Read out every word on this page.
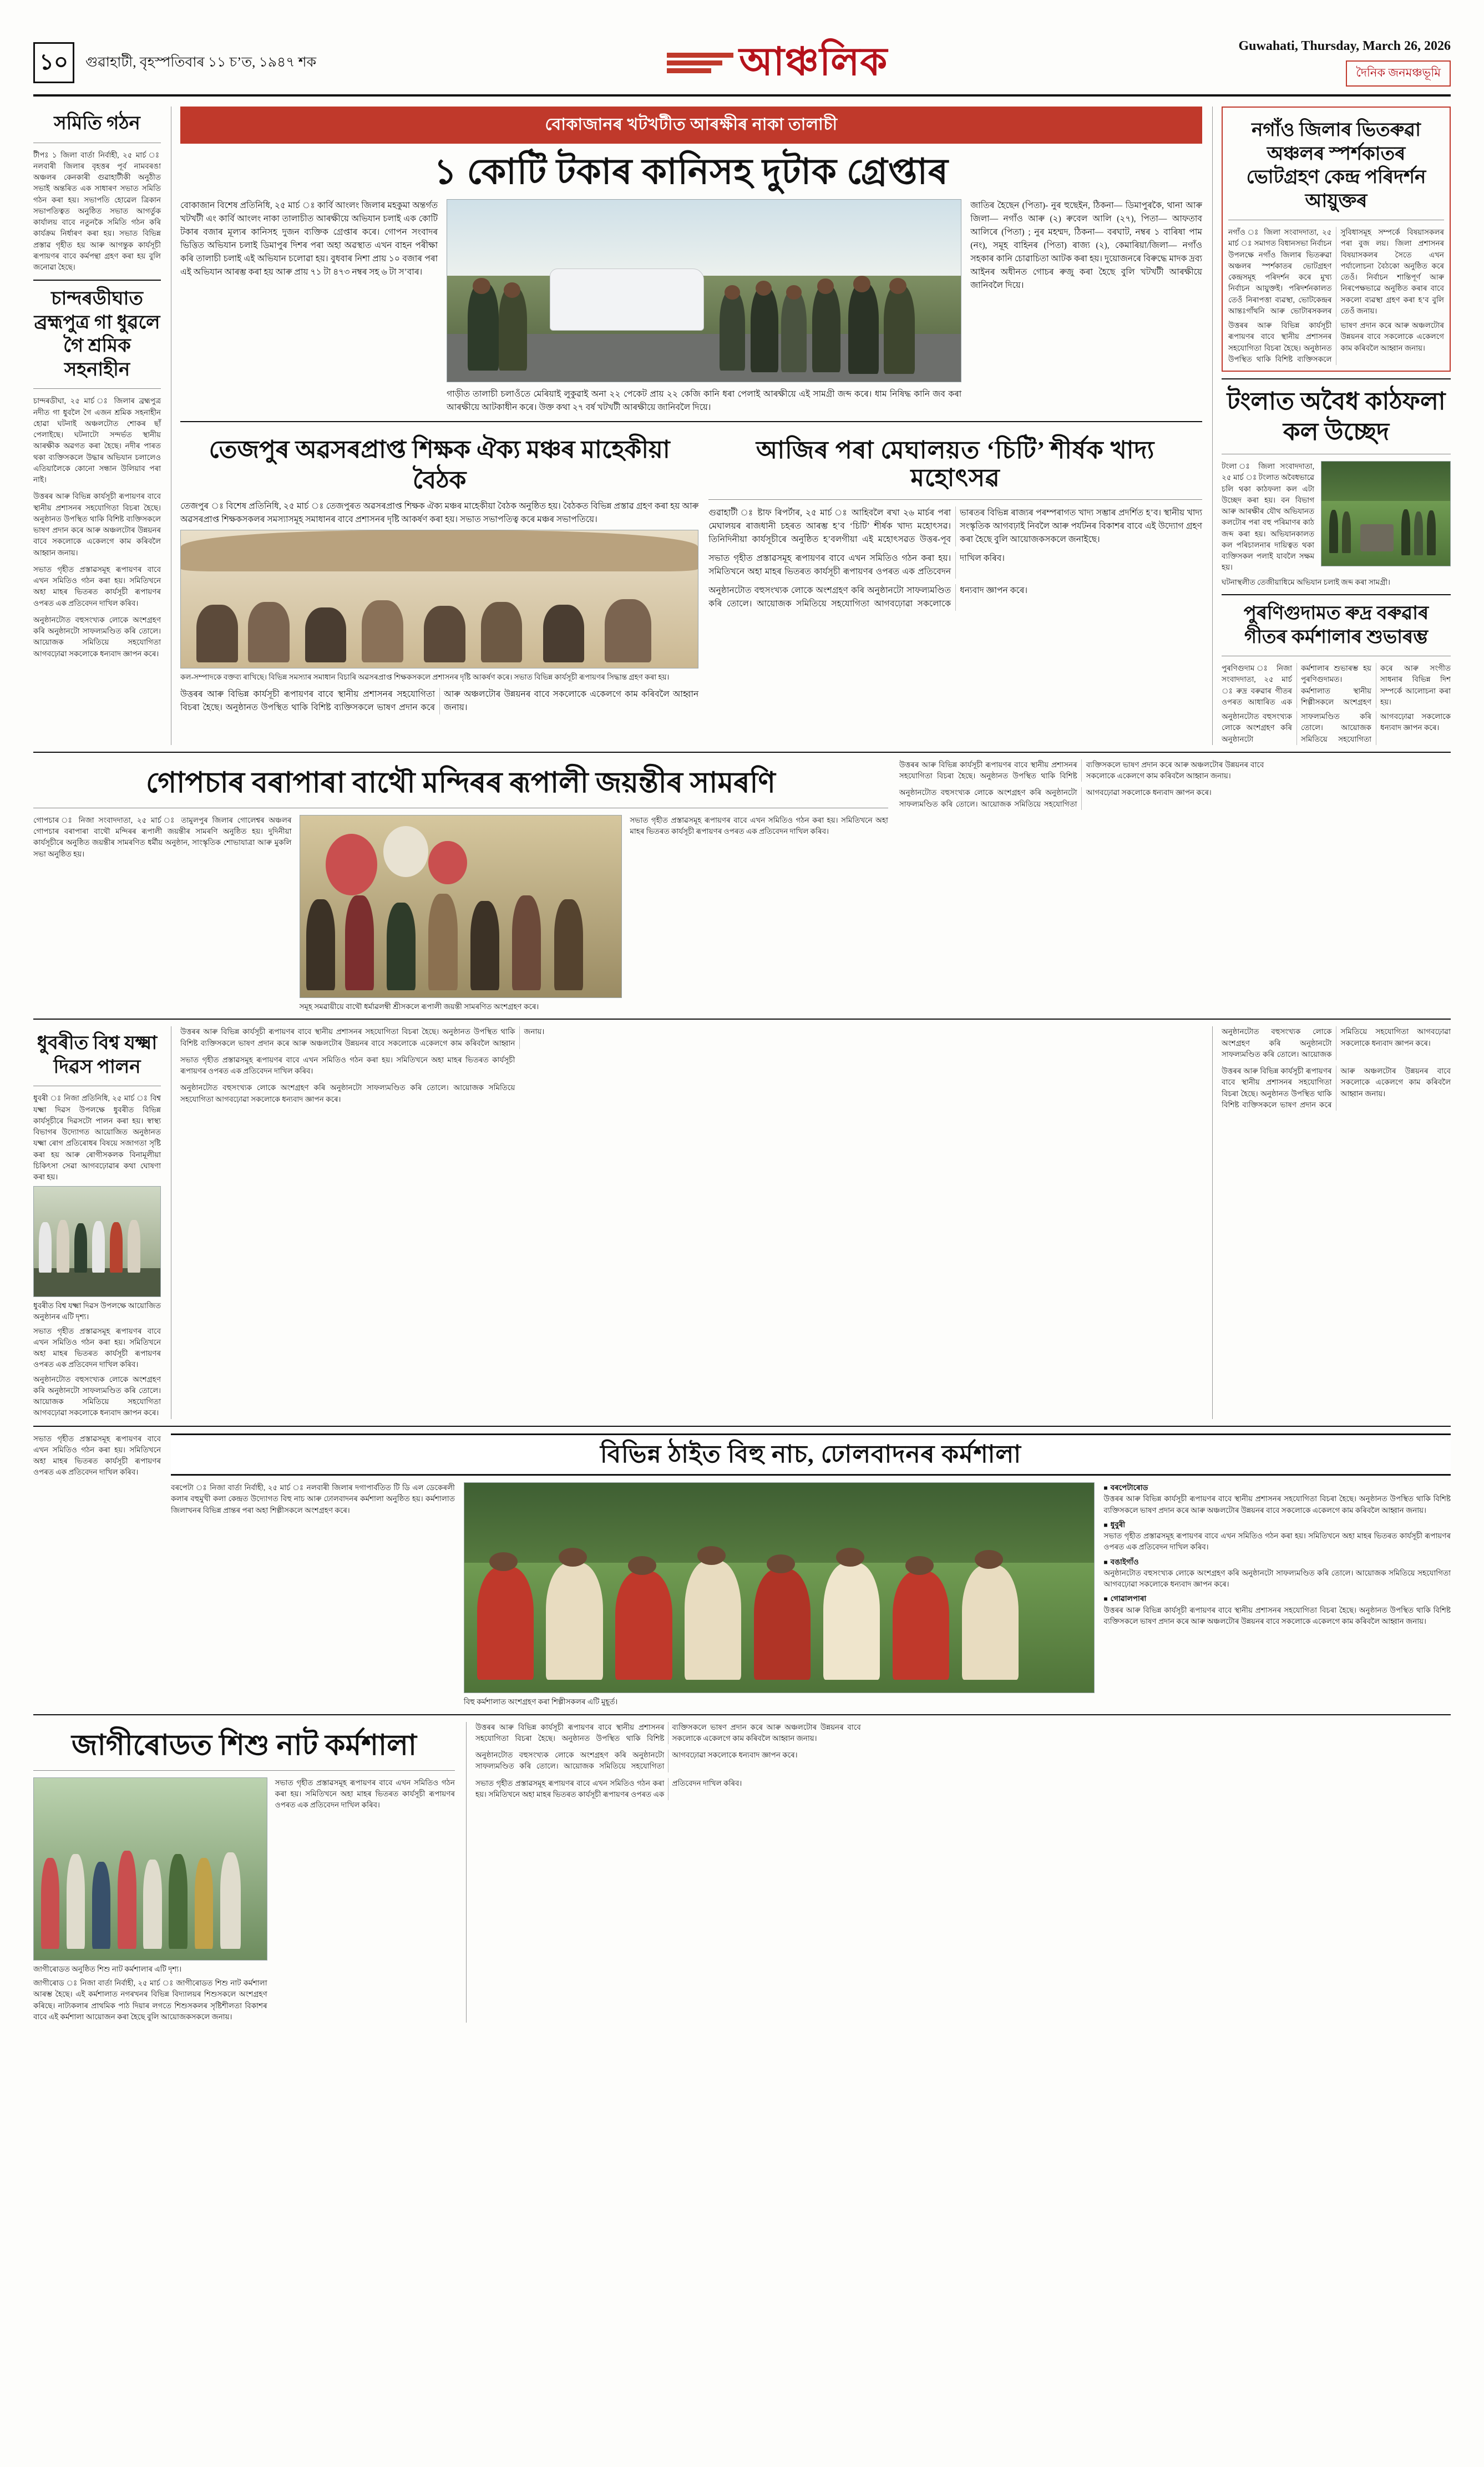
১০	গুৱাহাটী, বৃহস্পতিবাৰ ১১ চ’ত, ১৯৪৭ শক	আঞ্চলিক	Guwahati, Thursday, March 26, 2026
দৈনিক জনমঞ্চভূমি
সমিতি গঠন
টীপঃ ১ জিলা বাৰ্তা নিৰ্বাহী, ২৫ মাৰ্চ ঃ নলবাৰী জিলাৰ বৃহত্তৰ পূৰ্ব নামবৰঙা অঞ্চলৰ কেনকাৰী গুৱাহাটীকী অনুঠীত সভাই অন্তৰিত এক সাধাৰণ সভাত সমিতি গঠন কৰা হয়। সভাপতি হোৱেল ত্ৰিকান সভাপতিত্বত অনুষ্ঠিত সভাত আগৰ্তুক কাৰ্যালয় বাবে নতুনকৈ সমিতি গঠন কৰি কাৰ্যক্ৰম নিৰ্ধাৰণ কৰা হয়। সভাত বিভিন্ন প্ৰস্তাৱ গৃহীত হয় আৰু আগন্তুক কাৰ্যসূচী ৰূপায়ণৰ বাবে কৰ্মপন্থা গ্ৰহণ কৰা হয় বুলি জনোৱা হৈছে।
চান্দৰডীঘাত ব্ৰহ্মপুত্ৰ গা ধুৱলে গৈ শ্ৰমিক সহনাহীন
চান্দৰডীঘা, ২৫ মাৰ্চ ঃ জিলাৰ ব্ৰহ্মপুত্ৰ নদীত গা ধুবলৈ গৈ এজন শ্ৰমিক সহনাহীন হোৱা ঘটনাই অঞ্চলটোত শোকৰ ছাঁ পেলাইছে। ঘটনাটো সন্দৰ্ভত স্থানীয় আৰক্ষীক অৱগত কৰা হৈছে। নদীৰ পাৰত থকা ব্যক্তিসকলে উদ্ধাৰ অভিযান চলালেও এতিয়ালৈকে কোনো সন্ধান উলিয়াব পৰা নাই।
উত্তৰৰ আৰু বিভিন্ন কাৰ্যসূচী ৰূপায়ণৰ বাবে স্থানীয় প্ৰশাসনৰ সহযোগিতা বিচৰা হৈছে। অনুষ্ঠানত উপস্থিত থাকি বিশিষ্ট ব্যক্তিসকলে ভাষণ প্ৰদান কৰে আৰু অঞ্চলটোৰ উন্নয়নৰ বাবে সকলোকে একেলগে কাম কৰিবলৈ আহ্বান জনায়।
সভাত গৃহীত প্ৰস্তাৱসমূহ ৰূপায়ণৰ বাবে এখন সমিতিও গঠন কৰা হয়। সমিতিখনে অহা মাহৰ ভিতৰত কাৰ্যসূচী ৰূপায়ণৰ ওপৰত এক প্ৰতিবেদন দাখিল কৰিব।
অনুষ্ঠানটোত বহুসংখ্যক লোকে অংশগ্ৰহণ কৰি অনুষ্ঠানটো সাফল্যমণ্ডিত কৰি তোলে। আয়োজক সমিতিয়ে সহযোগিতা আগবঢ়োৱা সকলোকে ধন্যবাদ জ্ঞাপন কৰে।
বোকাজানৰ খটখটীত আৰক্ষীৰ নাকা তালাচী
১ কোটি টকাৰ কানিসহ দুটাক গ্ৰেপ্তাৰ
বোকাজান বিশেষ প্ৰতিনিধি, ২৫ মাৰ্চ ঃ কাৰ্বি আংলং জিলাৰ মহকুমা অন্তৰ্গত খটখটী এং কাৰ্বি আংলং নাকা তালাচীত আৰক্ষীয়ে অভিযান চলাই এক কোটি টকাৰ বজাৰ মূল্যৰ কানিসহ দুজন ব্যক্তিক গ্ৰেপ্তাৰ কৰে। গোপন সংবাদৰ ভিত্তিত অভিযান চলাই ডিমাপুৰ দিশৰ পৰা অহা অৱস্থাত এখন বাহন পৰীক্ষা কৰি তালাচী চলাই এই অভিযান চলোৱা হয়। বুধবাৰ নিশা প্ৰায় ১০ বজাৰ পৰা এই অভিযান আৰম্ভ কৰা হয় আৰু প্ৰায় ৭১ টা ৪৭৩ নম্বৰ সহ ৬ টা স’বাৰ।
গাড়ীত তালাচী চলাওঁতে মেৰিয়াই লুকুৱাই অনা ২২ পেকেট প্ৰায় ২২ কেজি কানি ধৰা পেলাই আৰক্ষীয়ে এই সামগ্ৰী জব্দ কৰে। ধাম নিষিদ্ধ কানি জব কৰা আৰক্ষীয়ে আটকাধীন কৰে। উক্ত কথা ২৭ বৰ্ষ খটখটী আৰক্ষীয়ে জানিবলৈ দিয়ে।
জাতিৰ হৈছেন (পিতা)- নুৰ হুছেইন, ঠিকনা— ডিমাপুৰকৈ, থানা আৰু জিলা— নগাঁও আৰু (২) ৰুবেল আলি (২৭), পিতা— আফতাব আলিৰে (পিতা) ; নুৰ মহম্মদ, ঠিকনা— বৰঘাট, নম্বৰ ১ বাৰিষা পাম (নং), সমূহ বাহিনৰ (পিতা) ৰাজ্য (২), কেমাৰিয়া/জিলা— নগাঁও সহকাৰ কানি চোৱাচিতা আটক কৰা হয়। দুয়োজনৰে বিৰুদ্ধে মাদক দ্ৰব্য আইনৰ অধীনত গোচৰ ৰুজু কৰা হৈছে বুলি খটখটী আৰক্ষীয়ে জানিবলৈ দিয়ে।
তেজপুৰ অৱসৰপ্ৰাপ্ত শিক্ষক ঐক্য মঞ্চৰ মাহেকীয়া বৈঠক
তেজপুৰ ঃ বিশেষ প্ৰতিনিধি, ২৫ মাৰ্চ ঃ তেজপুৰত অৱসৰপ্ৰাপ্ত শিক্ষক ঐক্য মঞ্চৰ মাহেকীয়া বৈঠক অনুষ্ঠিত হয়। বৈঠকত বিভিন্ন প্ৰস্তাৱ গ্ৰহণ কৰা হয় আৰু অৱসৰপ্ৰাপ্ত শিক্ষকসকলৰ সমস্যাসমূহ সমাধানৰ বাবে প্ৰশাসনৰ দৃষ্টি আকৰ্ষণ কৰা হয়। সভাত সভাপতিত্ব কৰে মঞ্চৰ সভাপতিয়ে।
কল-সম্পাদকে বক্তব্য ৰাখিছে। বিভিন্ন সমস্যাৰ সমাধান বিচাৰি অৱসৰপ্ৰাপ্ত শিক্ষকসকলে প্ৰশাসনৰ দৃষ্টি আকৰ্ষণ কৰে। সভাত বিভিন্ন কাৰ্যসূচী ৰূপায়ণৰ সিদ্ধান্ত গ্ৰহণ কৰা হয়।
উত্তৰৰ আৰু বিভিন্ন কাৰ্যসূচী ৰূপায়ণৰ বাবে স্থানীয় প্ৰশাসনৰ সহযোগিতা বিচৰা হৈছে। অনুষ্ঠানত উপস্থিত থাকি বিশিষ্ট ব্যক্তিসকলে ভাষণ প্ৰদান কৰে আৰু অঞ্চলটোৰ উন্নয়নৰ বাবে সকলোকে একেলগে কাম কৰিবলৈ আহ্বান জনায়।
আজিৰ পৰা মেঘালয়ত ‘চিটি’ শীৰ্ষক খাদ্য মহোৎসৱ
গুৱাহাটী ঃ ষ্টাফ ৰিপৰ্টাৰ, ২৫ মাৰ্চ ঃ আহিবলৈ ৰখা ২৬ মাৰ্চৰ পৰা মেঘালয়ৰ ৰাজধানী চহৰত আৰম্ভ হ’ব ‘চিটি’ শীৰ্ষক খাদ্য মহোৎসৱ। তিনিদিনীয়া কাৰ্যসূচীৰে অনুষ্ঠিত হ’বলগীয়া এই মহোৎসৱত উত্তৰ-পূব ভাৰতৰ বিভিন্ন ৰাজ্যৰ পৰম্পৰাগত খাদ্য সম্ভাৰ প্ৰদৰ্শিত হ’ব। স্থানীয় খাদ্য সংস্কৃতিক আগবঢ়াই নিবলৈ আৰু পৰ্যটনৰ বিকাশৰ বাবে এই উদ্যোগ গ্ৰহণ কৰা হৈছে বুলি আয়োজকসকলে জনাইছে।
সভাত গৃহীত প্ৰস্তাৱসমূহ ৰূপায়ণৰ বাবে এখন সমিতিও গঠন কৰা হয়। সমিতিখনে অহা মাহৰ ভিতৰত কাৰ্যসূচী ৰূপায়ণৰ ওপৰত এক প্ৰতিবেদন দাখিল কৰিব।
অনুষ্ঠানটোত বহুসংখ্যক লোকে অংশগ্ৰহণ কৰি অনুষ্ঠানটো সাফল্যমণ্ডিত কৰি তোলে। আয়োজক সমিতিয়ে সহযোগিতা আগবঢ়োৱা সকলোকে ধন্যবাদ জ্ঞাপন কৰে।
নগাঁও জিলাৰ ভিতৰুৱা অঞ্চলৰ স্পৰ্শকাতৰ ভোটগ্ৰহণ কেন্দ্ৰ পৰিদৰ্শন আয়ুক্তৰ
নগাঁও ঃ জিলা সংবাদদাতা, ২৫ মাৰ্চ ঃ সমাগত বিধানসভা নিৰ্বাচন উপলক্ষে নগাঁও জিলাৰ ভিতৰুৱা অঞ্চলৰ স্পৰ্শকাতৰ ভোটগ্ৰহণ কেন্দ্ৰসমূহ পৰিদৰ্শন কৰে মুখ্য নিৰ্বাচন আয়ুক্তই। পৰিদৰ্শনকালত তেওঁ নিৰাপত্তা ব্যৱস্থা, ভোটকেন্দ্ৰৰ আন্তঃগাঁথনি আৰু ভোটাৰসকলৰ সুবিধাসমূহ সম্পৰ্কে বিষয়াসকলৰ পৰা বুজ লয়। জিলা প্ৰশাসনৰ বিষয়াসকলৰ সৈতে এখন পৰ্যালোচনা বৈঠকো অনুষ্ঠিত কৰে তেওঁ। নিৰ্বাচন শান্তিপূৰ্ণ আৰু নিৰপেক্ষভাৱে অনুষ্ঠিত কৰাৰ বাবে সকলো ব্যৱস্থা গ্ৰহণ কৰা হ’ব বুলি তেওঁ জনায়।
উত্তৰৰ আৰু বিভিন্ন কাৰ্যসূচী ৰূপায়ণৰ বাবে স্থানীয় প্ৰশাসনৰ সহযোগিতা বিচৰা হৈছে। অনুষ্ঠানত উপস্থিত থাকি বিশিষ্ট ব্যক্তিসকলে ভাষণ প্ৰদান কৰে আৰু অঞ্চলটোৰ উন্নয়নৰ বাবে সকলোকে একেলগে কাম কৰিবলৈ আহ্বান জনায়।
টংলাত অবৈধ কাঠফলা কল উচ্ছেদ
টংলা ঃ জিলা সংবাদদাতা, ২৫ মাৰ্চ ঃ টংলাত অবৈধভাৱে চলি থকা কাঠফলা কল এটা উচ্ছেদ কৰা হয়। বন বিভাগ আৰু আৰক্ষীৰ যৌথ অভিযানত কলটোৰ পৰা বহু পৰিমাণৰ কাঠ জব্দ কৰা হয়। অভিযানকালত কল পৰিচালনাৰ দায়িত্বত থকা ব্যক্তিসকল পলাই যাবলৈ সক্ষম হয়।
ঘটনাস্থলীত তেজীয়াধিমে অভিযান চলাই জব্দ কৰা সামগ্ৰী।
পুৰণিগুদামত ৰুদ্ৰ বৰুৱাৰ গীতৰ কৰ্মশালাৰ শুভাৰম্ভ
পুৰণিগুদাম ঃ নিজা সংবাদদাতা, ২৫ মাৰ্চ ঃ ৰুদ্ৰ বৰুৱাৰ গীতৰ ওপৰত আধাৰিত এক কৰ্মশালাৰ শুভাৰম্ভ হয় পুৰণিগুদামত। কৰ্মশালাত স্থানীয় শিল্পীসকলে অংশগ্ৰহণ কৰে আৰু সংগীত সাধনাৰ বিভিন্ন দিশ সম্পৰ্কে আলোচনা কৰা হয়।
অনুষ্ঠানটোত বহুসংখ্যক লোকে অংশগ্ৰহণ কৰি অনুষ্ঠানটো সাফল্যমণ্ডিত কৰি তোলে। আয়োজক সমিতিয়ে সহযোগিতা আগবঢ়োৱা সকলোকে ধন্যবাদ জ্ঞাপন কৰে।
গোপচাৰ বৰাপাৰা বাথৌ মন্দিৰৰ ৰূপালী জয়ন্তীৰ সামৰণি
গোপচাৰ ঃ নিজা সংবাদদাতা, ২৫ মাৰ্চ ঃ তামুলপুৰ জিলাৰ গোলেশ্বৰ অঞ্চলৰ গোপচাৰ বৰাপাৰা বাথৌ মন্দিৰৰ ৰূপালী জয়ন্তীৰ সামৰণি অনুষ্ঠিত হয়। দুদিনীয়া কাৰ্যসূচীৰে অনুষ্ঠিত জয়ন্তীৰ সামৰণিত ধৰ্মীয় অনুষ্ঠান, সাংস্কৃতিক শোভাযাত্ৰা আৰু মুকলি সভা অনুষ্ঠিত হয়।
সমূহ সমৱায়ীয়ে বাথৌ ধৰ্মাৱলম্বী শ্ৰীসকলে ৰূপালী জয়ন্তী সামৰণিত অংশগ্ৰহণ কৰে।
সভাত গৃহীত প্ৰস্তাৱসমূহ ৰূপায়ণৰ বাবে এখন সমিতিও গঠন কৰা হয়। সমিতিখনে অহা মাহৰ ভিতৰত কাৰ্যসূচী ৰূপায়ণৰ ওপৰত এক প্ৰতিবেদন দাখিল কৰিব।
উত্তৰৰ আৰু বিভিন্ন কাৰ্যসূচী ৰূপায়ণৰ বাবে স্থানীয় প্ৰশাসনৰ সহযোগিতা বিচৰা হৈছে। অনুষ্ঠানত উপস্থিত থাকি বিশিষ্ট ব্যক্তিসকলে ভাষণ প্ৰদান কৰে আৰু অঞ্চলটোৰ উন্নয়নৰ বাবে সকলোকে একেলগে কাম কৰিবলৈ আহ্বান জনায়।
অনুষ্ঠানটোত বহুসংখ্যক লোকে অংশগ্ৰহণ কৰি অনুষ্ঠানটো সাফল্যমণ্ডিত কৰি তোলে। আয়োজক সমিতিয়ে সহযোগিতা আগবঢ়োৱা সকলোকে ধন্যবাদ জ্ঞাপন কৰে।
ধুবৰীত বিশ্ব যক্ষ্মা দিৱস পালন
ধুবৰী ঃ নিজা প্ৰতিনিধি, ২৫ মাৰ্চ ঃ বিশ্ব যক্ষ্মা দিৱস উপলক্ষে ধুবৰীত বিভিন্ন কাৰ্যসূচীৰে দিৱসটো পালন কৰা হয়। স্বাস্থ্য বিভাগৰ উদ্যোগত আয়োজিত অনুষ্ঠানত যক্ষ্মা ৰোগ প্ৰতিৰোধৰ বিষয়ে সজাগতা সৃষ্টি কৰা হয় আৰু ৰোগীসকলক বিনামূলীয়া চিকিৎসা সেৱা আগবঢ়োৱাৰ কথা ঘোষণা কৰা হয়।
ধুবৰীত বিশ্ব যক্ষ্মা দিৱস উপলক্ষে আয়োজিত অনুষ্ঠানৰ এটি দৃশ্য।
সভাত গৃহীত প্ৰস্তাৱসমূহ ৰূপায়ণৰ বাবে এখন সমিতিও গঠন কৰা হয়। সমিতিখনে অহা মাহৰ ভিতৰত কাৰ্যসূচী ৰূপায়ণৰ ওপৰত এক প্ৰতিবেদন দাখিল কৰিব।
অনুষ্ঠানটোত বহুসংখ্যক লোকে অংশগ্ৰহণ কৰি অনুষ্ঠানটো সাফল্যমণ্ডিত কৰি তোলে। আয়োজক সমিতিয়ে সহযোগিতা আগবঢ়োৱা সকলোকে ধন্যবাদ জ্ঞাপন কৰে।
উত্তৰৰ আৰু বিভিন্ন কাৰ্যসূচী ৰূপায়ণৰ বাবে স্থানীয় প্ৰশাসনৰ সহযোগিতা বিচৰা হৈছে। অনুষ্ঠানত উপস্থিত থাকি বিশিষ্ট ব্যক্তিসকলে ভাষণ প্ৰদান কৰে আৰু অঞ্চলটোৰ উন্নয়নৰ বাবে সকলোকে একেলগে কাম কৰিবলৈ আহ্বান জনায়।
সভাত গৃহীত প্ৰস্তাৱসমূহ ৰূপায়ণৰ বাবে এখন সমিতিও গঠন কৰা হয়। সমিতিখনে অহা মাহৰ ভিতৰত কাৰ্যসূচী ৰূপায়ণৰ ওপৰত এক প্ৰতিবেদন দাখিল কৰিব।
অনুষ্ঠানটোত বহুসংখ্যক লোকে অংশগ্ৰহণ কৰি অনুষ্ঠানটো সাফল্যমণ্ডিত কৰি তোলে। আয়োজক সমিতিয়ে সহযোগিতা আগবঢ়োৱা সকলোকে ধন্যবাদ জ্ঞাপন কৰে।
অনুষ্ঠানটোত বহুসংখ্যক লোকে অংশগ্ৰহণ কৰি অনুষ্ঠানটো সাফল্যমণ্ডিত কৰি তোলে। আয়োজক সমিতিয়ে সহযোগিতা আগবঢ়োৱা সকলোকে ধন্যবাদ জ্ঞাপন কৰে।
উত্তৰৰ আৰু বিভিন্ন কাৰ্যসূচী ৰূপায়ণৰ বাবে স্থানীয় প্ৰশাসনৰ সহযোগিতা বিচৰা হৈছে। অনুষ্ঠানত উপস্থিত থাকি বিশিষ্ট ব্যক্তিসকলে ভাষণ প্ৰদান কৰে আৰু অঞ্চলটোৰ উন্নয়নৰ বাবে সকলোকে একেলগে কাম কৰিবলৈ আহ্বান জনায়।
সভাত গৃহীত প্ৰস্তাৱসমূহ ৰূপায়ণৰ বাবে এখন সমিতিও গঠন কৰা হয়। সমিতিখনে অহা মাহৰ ভিতৰত কাৰ্যসূচী ৰূপায়ণৰ ওপৰত এক প্ৰতিবেদন দাখিল কৰিব।
বিভিন্ন ঠাইত বিহু নাচ, ঢোলবাদনৰ কৰ্মশালা
বৰপেটা ঃ নিজা বাৰ্তা নিৰ্বাহী, ২৫ মাৰ্চ ঃ নলবাৰী জিলাৰ দগাপাৰ্বতিত টি ডি এল ডেকেৰলী কলাৰ বহুমুখী কলা কেন্দ্ৰত উদ্যোগত বিহু নাচ আৰু ঢোলবাদনৰ কৰ্মশালা অনুষ্ঠিত হয়। কৰ্মশালাত জিলাখনৰ বিভিন্ন প্ৰান্তৰ পৰা অহা শিল্পীসকলে অংশগ্ৰহণ কৰে।
বিহু কৰ্মশালাত অংশগ্ৰহণ কৰা শিল্পীসকলৰ এটি মুহূৰ্ত।
■ বৰপেটাৰোড
উত্তৰৰ আৰু বিভিন্ন কাৰ্যসূচী ৰূপায়ণৰ বাবে স্থানীয় প্ৰশাসনৰ সহযোগিতা বিচৰা হৈছে। অনুষ্ঠানত উপস্থিত থাকি বিশিষ্ট ব্যক্তিসকলে ভাষণ প্ৰদান কৰে আৰু অঞ্চলটোৰ উন্নয়নৰ বাবে সকলোকে একেলগে কাম কৰিবলৈ আহ্বান জনায়।
■ ধুবুৰী
সভাত গৃহীত প্ৰস্তাৱসমূহ ৰূপায়ণৰ বাবে এখন সমিতিও গঠন কৰা হয়। সমিতিখনে অহা মাহৰ ভিতৰত কাৰ্যসূচী ৰূপায়ণৰ ওপৰত এক প্ৰতিবেদন দাখিল কৰিব।
■ বঙাইগাঁও
অনুষ্ঠানটোত বহুসংখ্যক লোকে অংশগ্ৰহণ কৰি অনুষ্ঠানটো সাফল্যমণ্ডিত কৰি তোলে। আয়োজক সমিতিয়ে সহযোগিতা আগবঢ়োৱা সকলোকে ধন্যবাদ জ্ঞাপন কৰে।
■ গোৱালপাৰা
উত্তৰৰ আৰু বিভিন্ন কাৰ্যসূচী ৰূপায়ণৰ বাবে স্থানীয় প্ৰশাসনৰ সহযোগিতা বিচৰা হৈছে। অনুষ্ঠানত উপস্থিত থাকি বিশিষ্ট ব্যক্তিসকলে ভাষণ প্ৰদান কৰে আৰু অঞ্চলটোৰ উন্নয়নৰ বাবে সকলোকে একেলগে কাম কৰিবলৈ আহ্বান জনায়।
জাগীৰোডত শিশু নাট কৰ্মশালা
জাগীৰোডত অনুষ্ঠিত শিশু নাট কৰ্মশালাৰ এটি দৃশ্য।
জাগীৰোড ঃ নিজা বাৰ্তা নিৰ্বাহী, ২৫ মাৰ্চ ঃ জাগীৰোডত শিশু নাট কৰ্মশালা আৰম্ভ হৈছে। এই কৰ্মশালাত নগৰখনৰ বিভিন্ন বিদ্যালয়ৰ শিশুসকলে অংশগ্ৰহণ কৰিছে। নাট্যকলাৰ প্ৰাথমিক পাঠ দিয়াৰ লগতে শিশুসকলৰ সৃষ্টিশীলতা বিকাশৰ বাবে এই কৰ্মশালা আয়োজন কৰা হৈছে বুলি আয়োজকসকলে জনায়।
সভাত গৃহীত প্ৰস্তাৱসমূহ ৰূপায়ণৰ বাবে এখন সমিতিও গঠন কৰা হয়। সমিতিখনে অহা মাহৰ ভিতৰত কাৰ্যসূচী ৰূপায়ণৰ ওপৰত এক প্ৰতিবেদন দাখিল কৰিব।
উত্তৰৰ আৰু বিভিন্ন কাৰ্যসূচী ৰূপায়ণৰ বাবে স্থানীয় প্ৰশাসনৰ সহযোগিতা বিচৰা হৈছে। অনুষ্ঠানত উপস্থিত থাকি বিশিষ্ট ব্যক্তিসকলে ভাষণ প্ৰদান কৰে আৰু অঞ্চলটোৰ উন্নয়নৰ বাবে সকলোকে একেলগে কাম কৰিবলৈ আহ্বান জনায়।
অনুষ্ঠানটোত বহুসংখ্যক লোকে অংশগ্ৰহণ কৰি অনুষ্ঠানটো সাফল্যমণ্ডিত কৰি তোলে। আয়োজক সমিতিয়ে সহযোগিতা আগবঢ়োৱা সকলোকে ধন্যবাদ জ্ঞাপন কৰে।
সভাত গৃহীত প্ৰস্তাৱসমূহ ৰূপায়ণৰ বাবে এখন সমিতিও গঠন কৰা হয়। সমিতিখনে অহা মাহৰ ভিতৰত কাৰ্যসূচী ৰূপায়ণৰ ওপৰত এক প্ৰতিবেদন দাখিল কৰিব।
